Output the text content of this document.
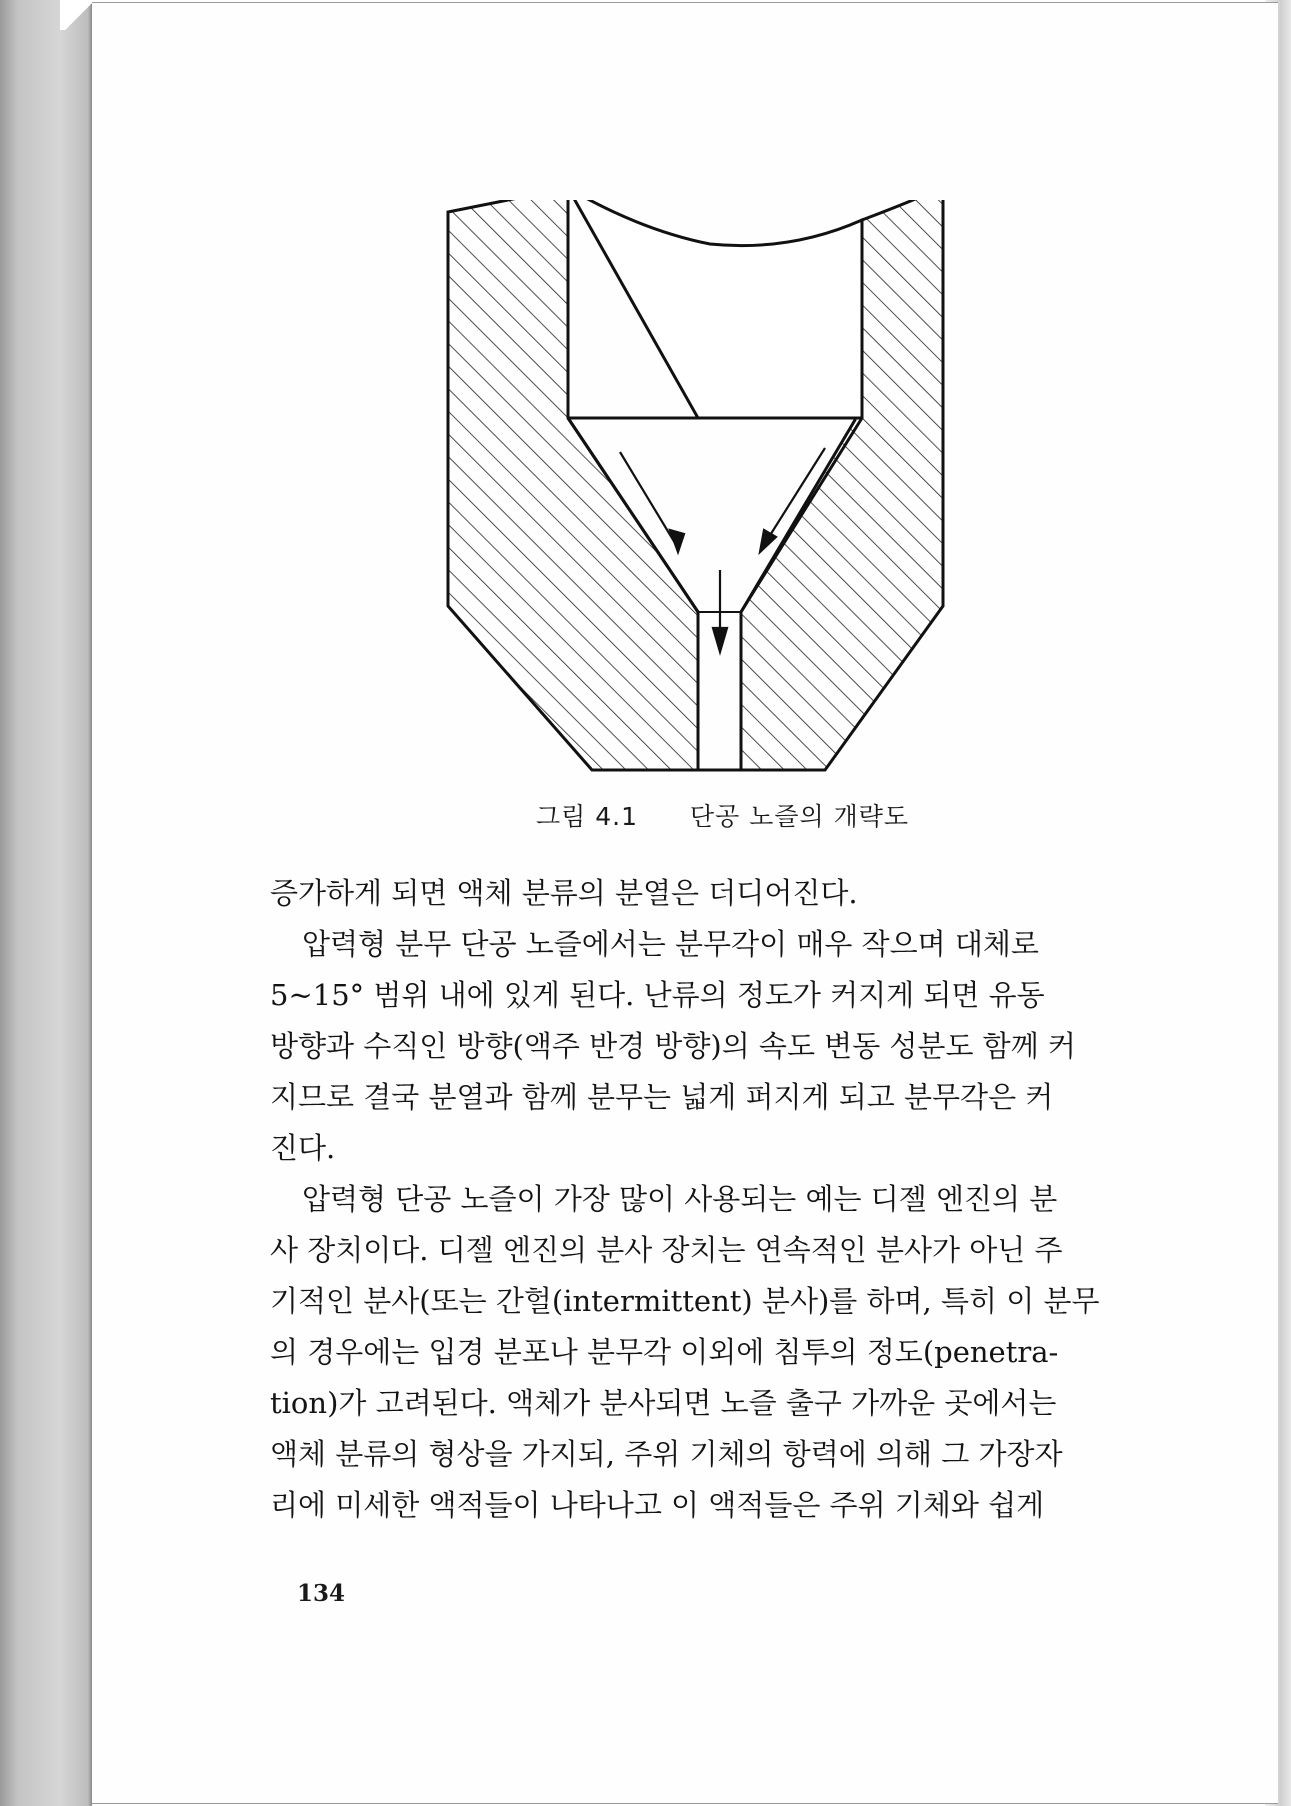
그림 4.1 단공 노즐의 개략도
증가하게 되면 액체 분류의 분열은 더디어진다.
압력형 분무 단공 노즐에서는 분무각이 매우 작으며 대체로
5~15° 범위 내에 있게 된다. 난류의 정도가 커지게 되면 유동
방향과 수직인 방향(액주 반경 방향)의 속도 변동 성분도 함께 커
지므로 결국 분열과 함께 분무는 넓게 퍼지게 되고 분무각은 커
진다.
압력형 단공 노즐이 가장 많이 사용되는 예는 디젤 엔진의 분
사 장치이다. 디젤 엔진의 분사 장치는 연속적인 분사가 아닌 주
기적인 분사(또는 간헐(intermittent) 분사)를 하며, 특히 이 분무
의 경우에는 입경 분포나 분무각 이외에 침투의 정도(penetra-
tion)가 고려된다. 액체가 분사되면 노즐 출구 가까운 곳에서는
액체 분류의 형상을 가지되, 주위 기체의 항력에 의해 그 가장자
리에 미세한 액적들이 나타나고 이 액적들은 주위 기체와 쉽게
134
